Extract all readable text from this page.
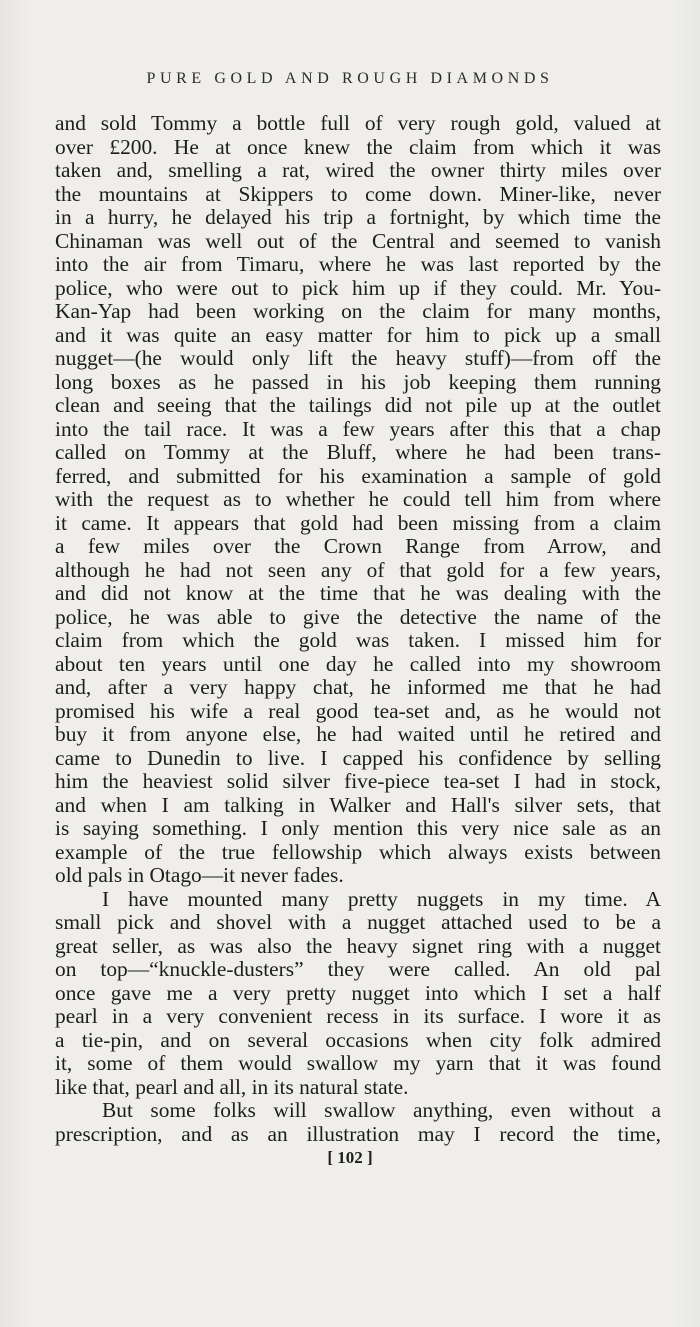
PURE GOLD AND ROUGH DIAMONDS
and sold Tommy a bottle full of very rough gold, valued at
over £200. He at once knew the claim from which it was
taken and, smelling a rat, wired the owner thirty miles over
the mountains at Skippers to come down. Miner-like, never
in a hurry, he delayed his trip a fortnight, by which time the
Chinaman was well out of the Central and seemed to vanish
into the air from Timaru, where he was last reported by the
police, who were out to pick him up if they could. Mr. You-
Kan-Yap had been working on the claim for many months,
and it was quite an easy matter for him to pick up a small
nugget—(he would only lift the heavy stuff)—from off the
long boxes as he passed in his job keeping them running
clean and seeing that the tailings did not pile up at the outlet
into the tail race. It was a few years after this that a chap
called on Tommy at the Bluff, where he had been trans-
ferred, and submitted for his examination a sample of gold
with the request as to whether he could tell him from where
it came. It appears that gold had been missing from a claim
a few miles over the Crown Range from Arrow, and
although he had not seen any of that gold for a few years,
and did not know at the time that he was dealing with the
police, he was able to give the detective the name of the
claim from which the gold was taken. I missed him for
about ten years until one day he called into my showroom
and, after a very happy chat, he informed me that he had
promised his wife a real good tea-set and, as he would not
buy it from anyone else, he had waited until he retired and
came to Dunedin to live. I capped his confidence by selling
him the heaviest solid silver five-piece tea-set I had in stock,
and when I am talking in Walker and Hall's silver sets, that
is saying something. I only mention this very nice sale as an
example of the true fellowship which always exists between
old pals in Otago—it never fades.
I have mounted many pretty nuggets in my time. A
small pick and shovel with a nugget attached used to be a
great seller, as was also the heavy signet ring with a nugget
on top—“knuckle-dusters” they were called. An old pal
once gave me a very pretty nugget into which I set a half
pearl in a very convenient recess in its surface. I wore it as
a tie-pin, and on several occasions when city folk admired
it, some of them would swallow my yarn that it was found
like that, pearl and all, in its natural state.
But some folks will swallow anything, even without a
prescription, and as an illustration may I record the time,
[ 102 ]
